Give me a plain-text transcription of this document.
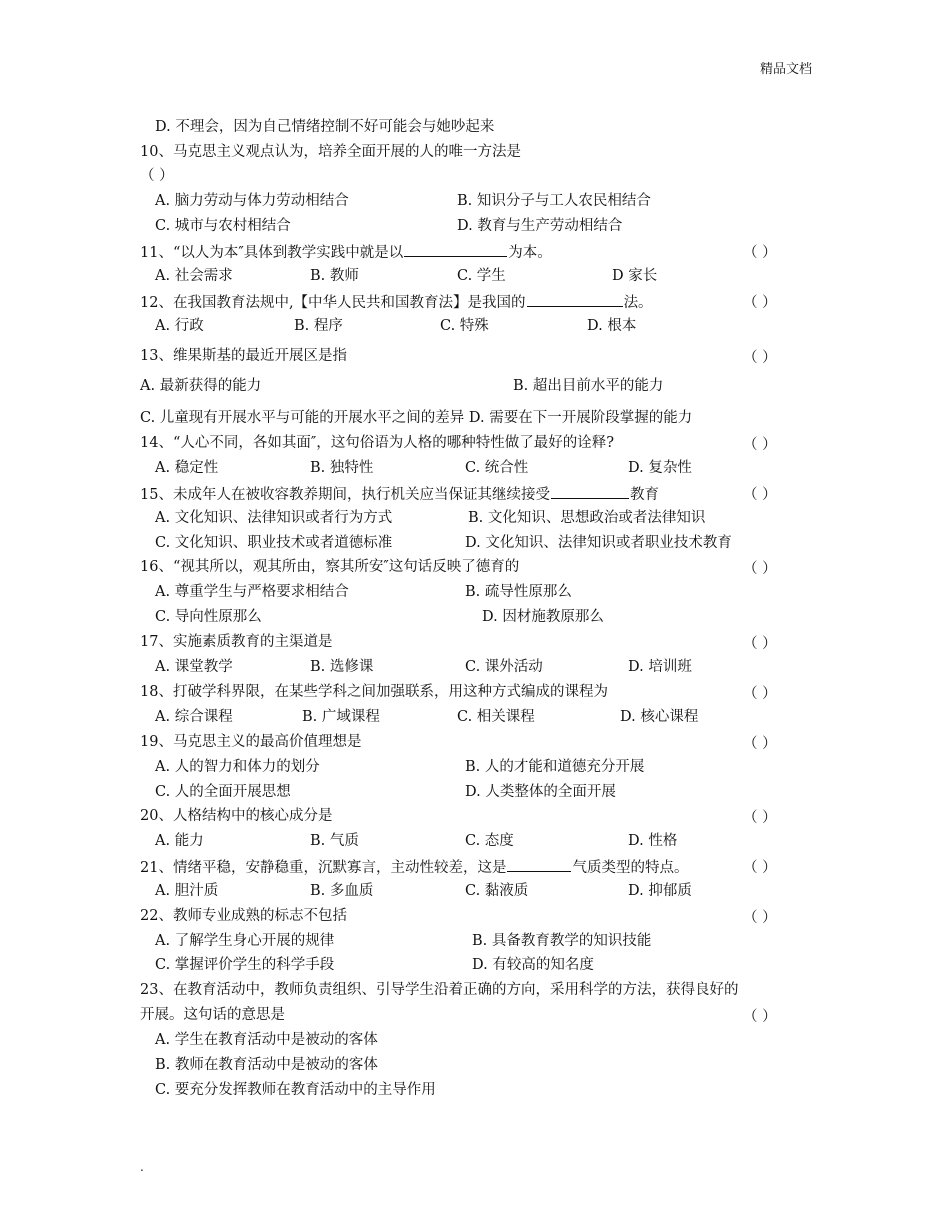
精品文档
D. 不理会，因为自己情绪控制不好可能会与她吵起来
10、马克思主义观点认为，培养全面开展的人的唯一方法是
（ ）
A. 脑力劳动与体力劳动相结合	B. 知识分子与工人农民相结合
C. 城市与农村相结合	D. 教育与生产劳动相结合
11、“以人为本″具体到教学实践中就是以	为本。	（ ）
A. 社会需求	B. 教师	C. 学生	D 家长
12、在我国教育法规中,【中华人民共和国教育法】是我国的	法。	（ ）
A. 行政	B. 程序	C. 特殊	D. 根本
13、维果斯基的最近开展区是指	（ ）
A. 最新获得的能力	B. 超出目前水平的能力
C. 儿童现有开展水平与可能的开展水平之间的差异 D. 需要在下一开展阶段掌握的能力
14、“人心不同，各如其面″，这句俗语为人格的哪种特性做了最好的诠释?	（ ）
A. 稳定性	B. 独特性	C. 统合性	D. 复杂性
15、未成年人在被收容教养期间，执行机关应当保证其继续接受	教育	（ ）
A. 文化知识、法律知识或者行为方式	B. 文化知识、思想政治或者法律知识
C. 文化知识、职业技术或者道德标准	D. 文化知识、法律知识或者职业技术教育
16、“视其所以，观其所由，察其所安″这句话反映了德育的	（ ）
A. 尊重学生与严格要求相结合	B. 疏导性原那么
C. 导向性原那么	D. 因材施教原那么
17、实施素质教育的主渠道是	（ ）
A. 课堂教学	B. 选修课	C. 课外活动	D. 培训班
18、打破学科界限，在某些学科之间加强联系，用这种方式编成的课程为	（ ）
A. 综合课程	B. 广域课程	C. 相关课程	D. 核心课程
19、马克思主义的最高价值理想是	（ ）
A. 人的智力和体力的划分	B. 人的才能和道德充分开展
C. 人的全面开展思想	D. 人类整体的全面开展
20、人格结构中的核心成分是	（ ）
A. 能力	B. 气质	C. 态度	D. 性格
21、情绪平稳，安静稳重，沉默寡言，主动性较差，这是	气质类型的特点。	（ ）
A. 胆汁质	B. 多血质	C. 黏液质	D. 抑郁质
22、教师专业成熟的标志不包括	（ ）
A. 了解学生身心开展的规律	B. 具备教育教学的知识技能
C. 掌握评价学生的科学手段	D. 有较高的知名度
23、在教育活动中，教师负责组织、引导学生沿着正确的方向，采用科学的方法，获得良好的
开展。这句话的意思是	（ ）
A. 学生在教育活动中是被动的客体
B. 教师在教育活动中是被动的客体
C. 要充分发挥教师在教育活动中的主导作用
.
